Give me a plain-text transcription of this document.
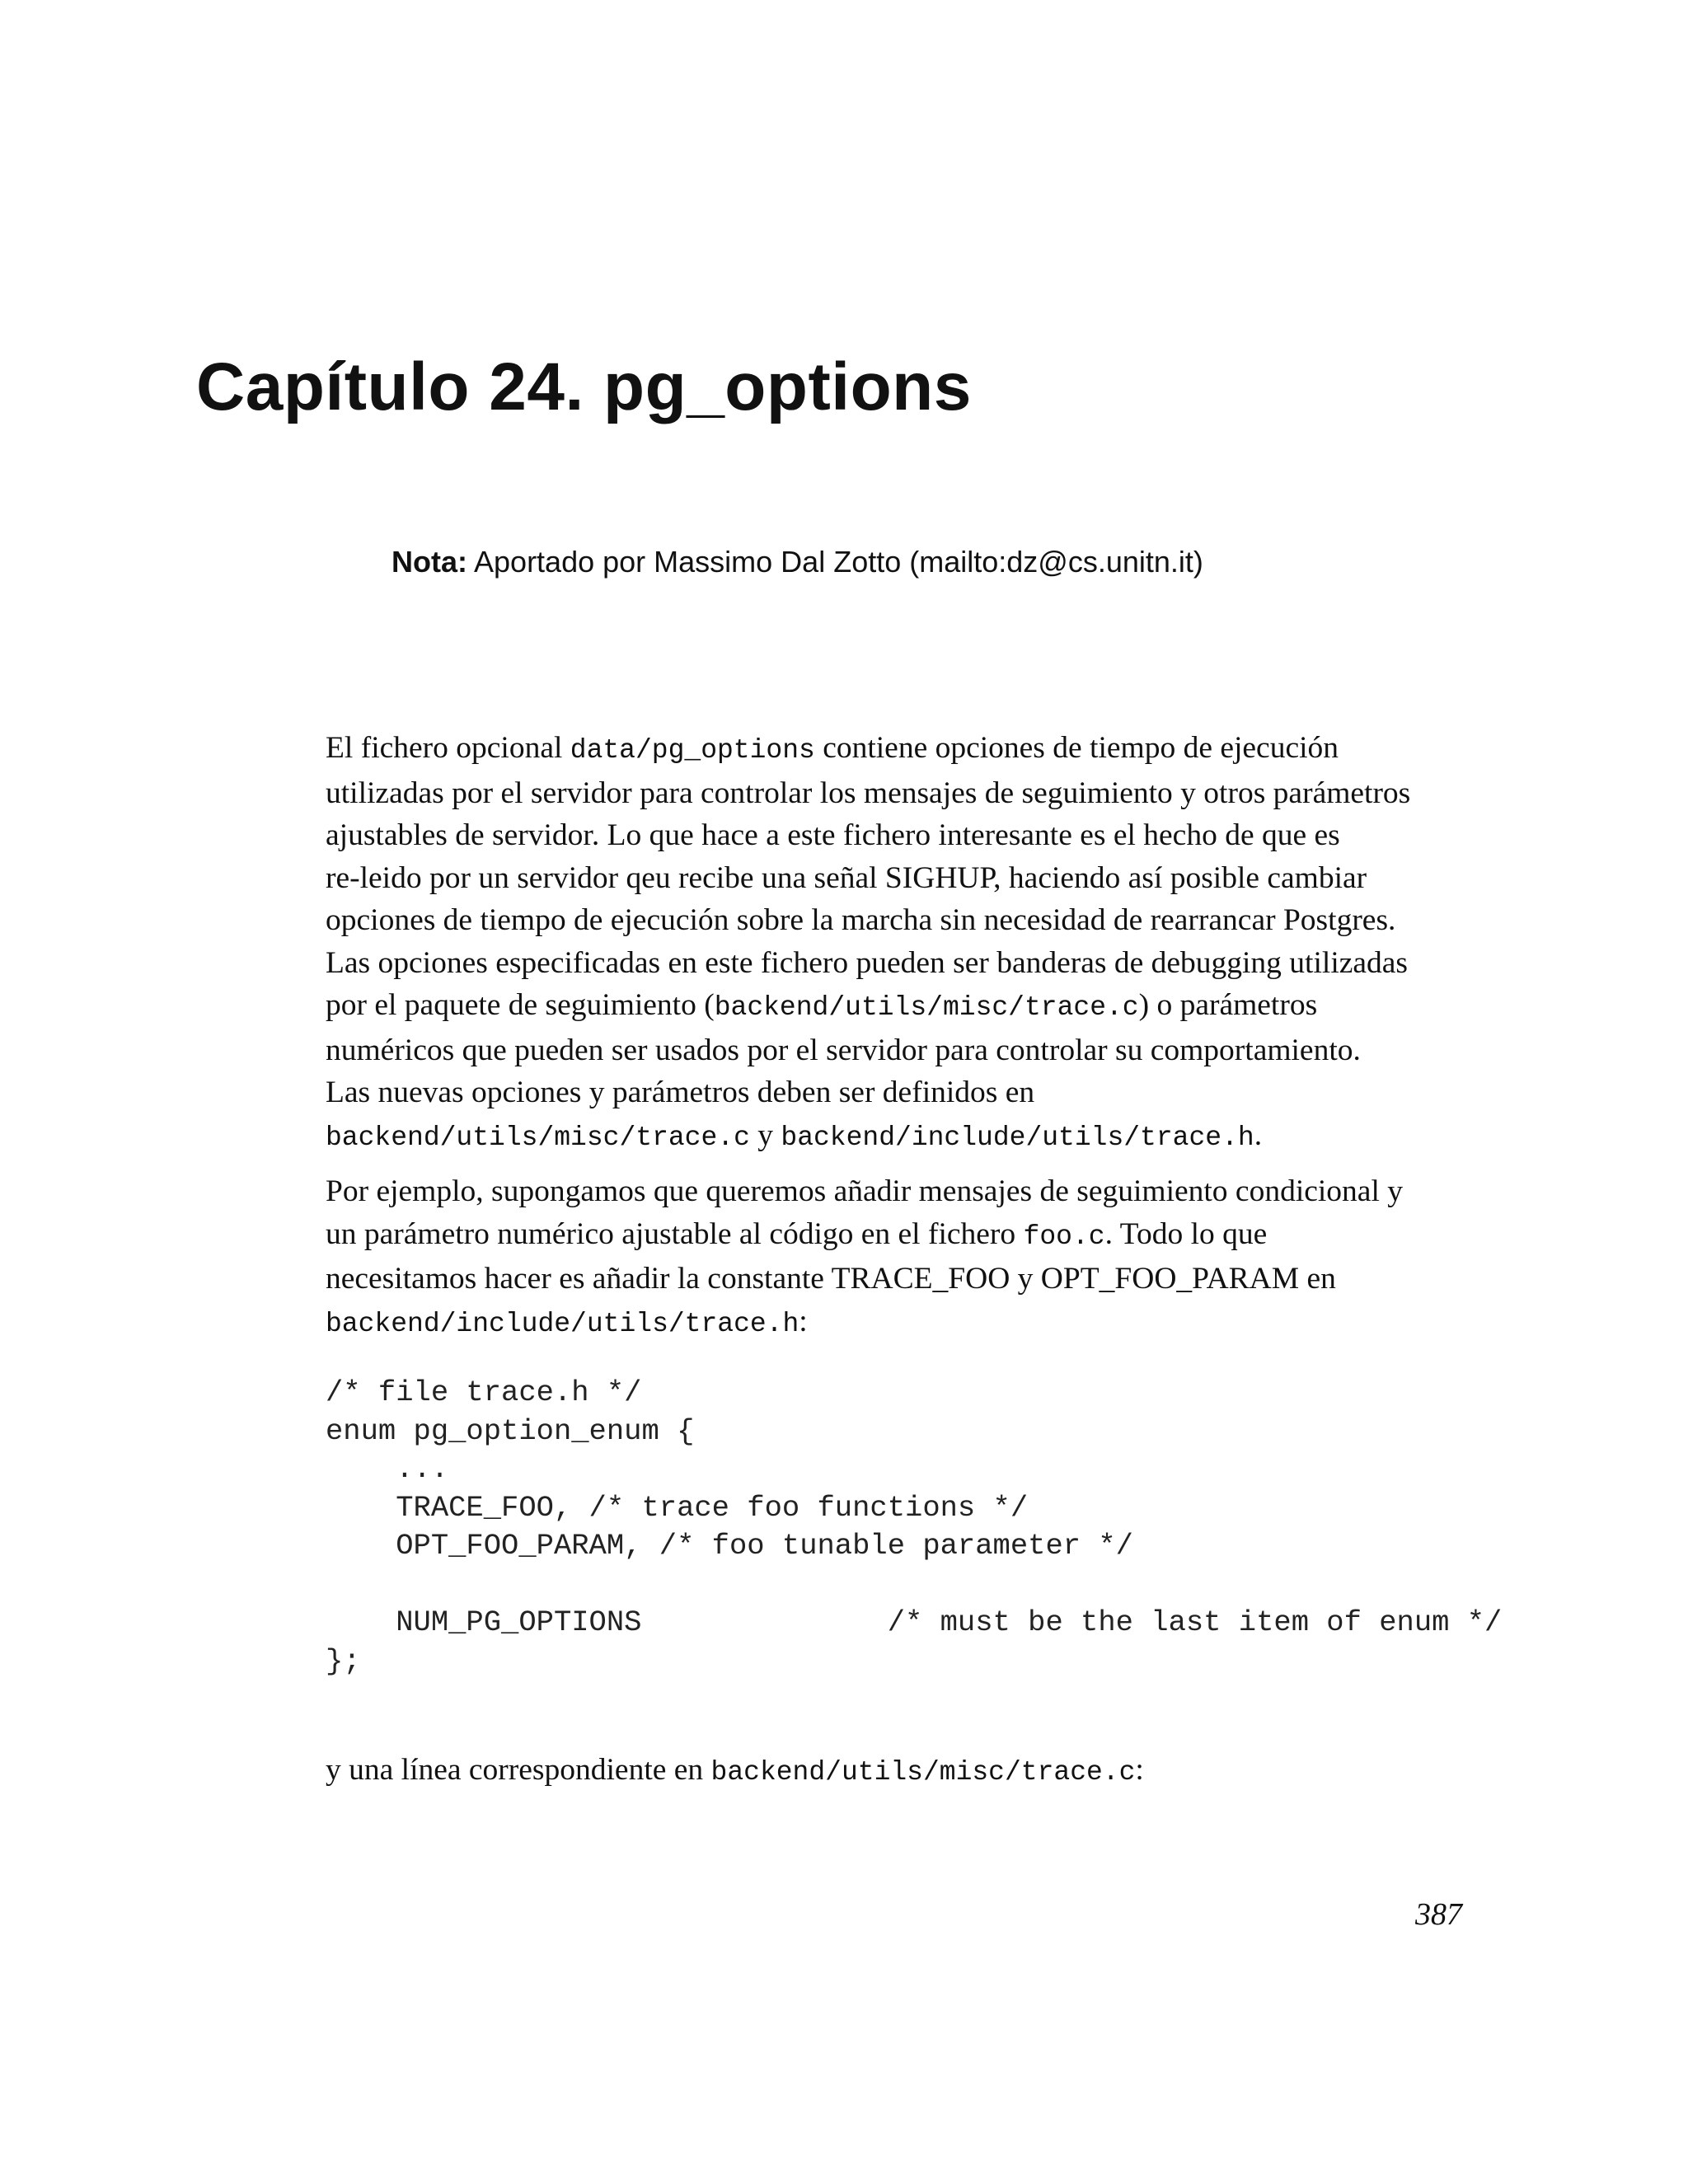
Capítulo 24. pg_options
Nota: Aportado por Massimo Dal Zotto (mailto:dz@cs.unitn.it)

El fichero opcional data/pg_options contiene opciones de tiempo de ejecución

utilizadas por el servidor para controlar los mensajes de seguimiento y otros parámetros

ajustables de servidor. Lo que hace a este fichero interesante es el hecho de que es

re-leido por un servidor qeu recibe una señal SIGHUP, haciendo así posible cambiar

opciones de tiempo de ejecución sobre la marcha sin necesidad de rearrancar Postgres.

Las opciones especificadas en este fichero pueden ser banderas de debugging utilizadas

por el paquete de seguimiento (backend/utils/misc/trace.c) o parámetros

numéricos que pueden ser usados por el servidor para controlar su comportamiento.

Las nuevas opciones y parámetros deben ser definidos en

backend/utils/misc/trace.c y backend/include/utils/trace.h.

Por ejemplo, supongamos que queremos añadir mensajes de seguimiento condicional y

un parámetro numérico ajustable al código en el fichero foo.c. Todo lo que

necesitamos hacer es añadir la constante TRACE_FOO y OPT_FOO_PARAM en

backend/include/utils/trace.h:

/* file trace.h */
enum pg_option_enum {
...
TRACE_FOO, /* trace foo functions */
OPT_FOO_PARAM, /* foo tunable parameter */

NUM_PG_OPTIONS              /* must be the last item of enum */
};
y una línea correspondiente en backend/utils/misc/trace.c:
387
